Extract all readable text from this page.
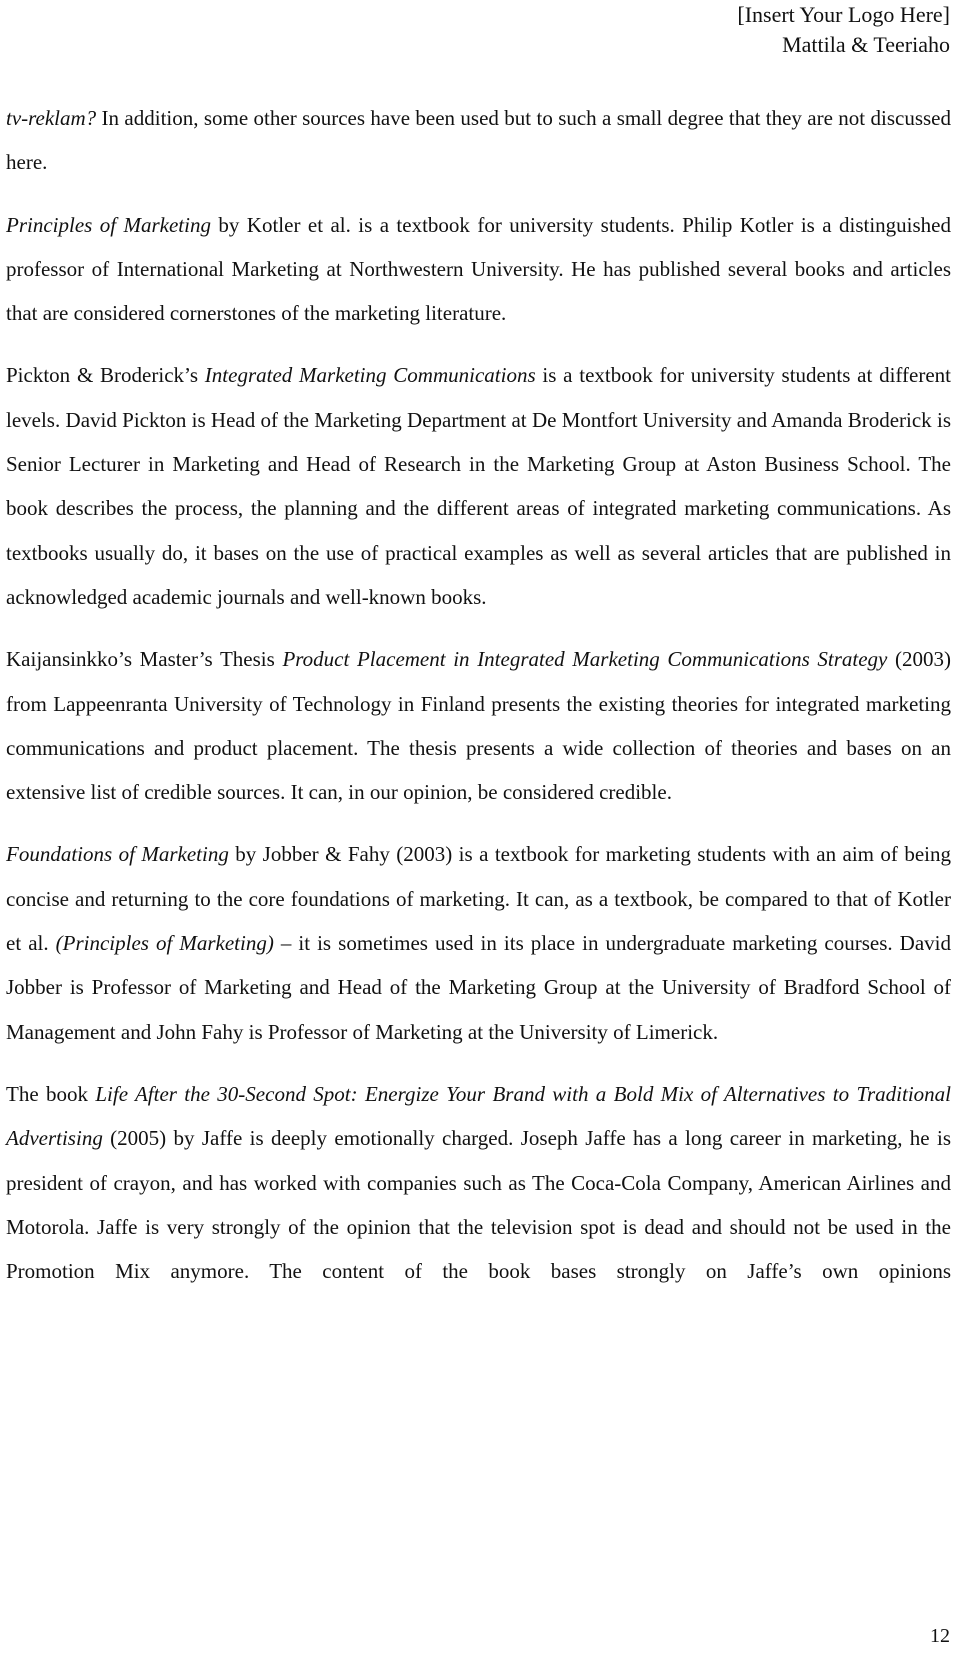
[Insert Your Logo Here]
Mattila & Teeriaho

tv-reklam? In addition, some other sources have been used but to such a small degree that they are not discussed here.

Principles of Marketing by Kotler et al. is a textbook for university students. Philip Kotler is a distinguished professor of International Marketing at Northwestern University. He has published several books and articles that are considered cornerstones of the marketing literature.

Pickton & Broderick’s Integrated Marketing Communications is a textbook for university students at different levels. David Pickton is Head of the Marketing Department at De Montfort University and Amanda Broderick is Senior Lecturer in Marketing and Head of Research in the Marketing Group at Aston Business School. The book describes the process, the planning and the different areas of integrated marketing communications. As textbooks usually do, it bases on the use of practical examples as well as several articles that are published in acknowledged academic journals and well-known books.

Kaijansinkko’s Master’s Thesis Product Placement in Integrated Marketing Communications Strategy (2003) from Lappeenranta University of Technology in Finland presents the existing theories for integrated marketing communications and product placement. The thesis presents a wide collection of theories and bases on an extensive list of credible sources. It can, in our opinion, be considered credible.

Foundations of Marketing by Jobber & Fahy (2003) is a textbook for marketing students with an aim of being concise and returning to the core foundations of marketing. It can, as a textbook, be compared to that of Kotler et al. (Principles of Marketing) – it is sometimes used in its place in undergraduate marketing courses. David Jobber is Professor of Marketing and Head of the Marketing Group at the University of Bradford School of Management and John Fahy is Professor of Marketing at the University of Limerick.

The book Life After the 30-Second Spot: Energize Your Brand with a Bold Mix of Alternatives to Traditional Advertising (2005) by Jaffe is deeply emotionally charged. Joseph Jaffe has a long career in marketing, he is president of crayon, and has worked with companies such as The Coca-Cola Company, American Airlines and Motorola. Jaffe is very strongly of the opinion that the television spot is dead and should not be used in the Promotion Mix anymore. The content of the book bases strongly on Jaffe’s own opinions

12
